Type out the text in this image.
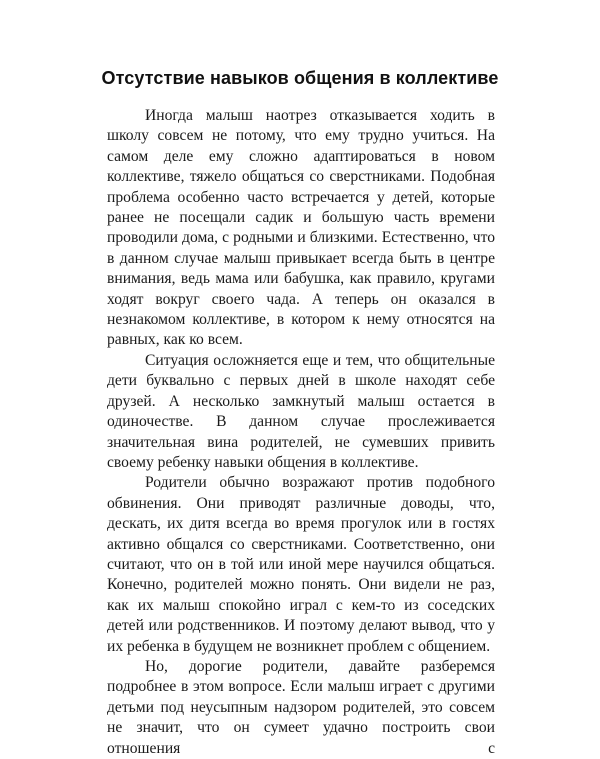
Отсутствие навыков общения в коллективе

Иногда малыш наотрез отказывается ходить в школу совсем не потому, что ему трудно учиться. На самом деле ему сложно адаптироваться в новом коллективе, тяжело общаться со сверстниками. Подобная проблема особенно часто встречается у детей, которые ранее не посещали садик и большую часть времени проводили дома, с родными и близкими. Естественно, что в данном случае малыш привыкает всегда быть в центре внимания, ведь мама или бабушка, как правило, кругами ходят вокруг своего чада. А теперь он оказался в незнакомом коллективе, в котором к нему относятся на равных, как ко всем.

Ситуация осложняется еще и тем, что общительные дети буквально с первых дней в школе находят себе друзей. А несколько замкнутый малыш остается в одиночестве. В данном случае прослеживается значительная вина родителей, не сумевших привить своему ребенку навыки общения в коллективе.

Родители обычно возражают против подобного обвинения. Они приводят различные доводы, что, дескать, их дитя всегда во время прогулок или в гостях активно общался со сверстниками. Соответственно, они считают, что он в той или иной мере научился общаться. Конечно, родителей можно понять. Они видели не раз, как их малыш спокойно играл с кем-то из соседских детей или родственников. И поэтому делают вывод, что у их ребенка в будущем не возникнет проблем с общением.

Но, дорогие родители, давайте разберемся подробнее в этом вопросе. Если малыш играет с другими детьми под неусыпным надзором родителей, это совсем не значит, что он сумеет удачно построить свои отношения с
